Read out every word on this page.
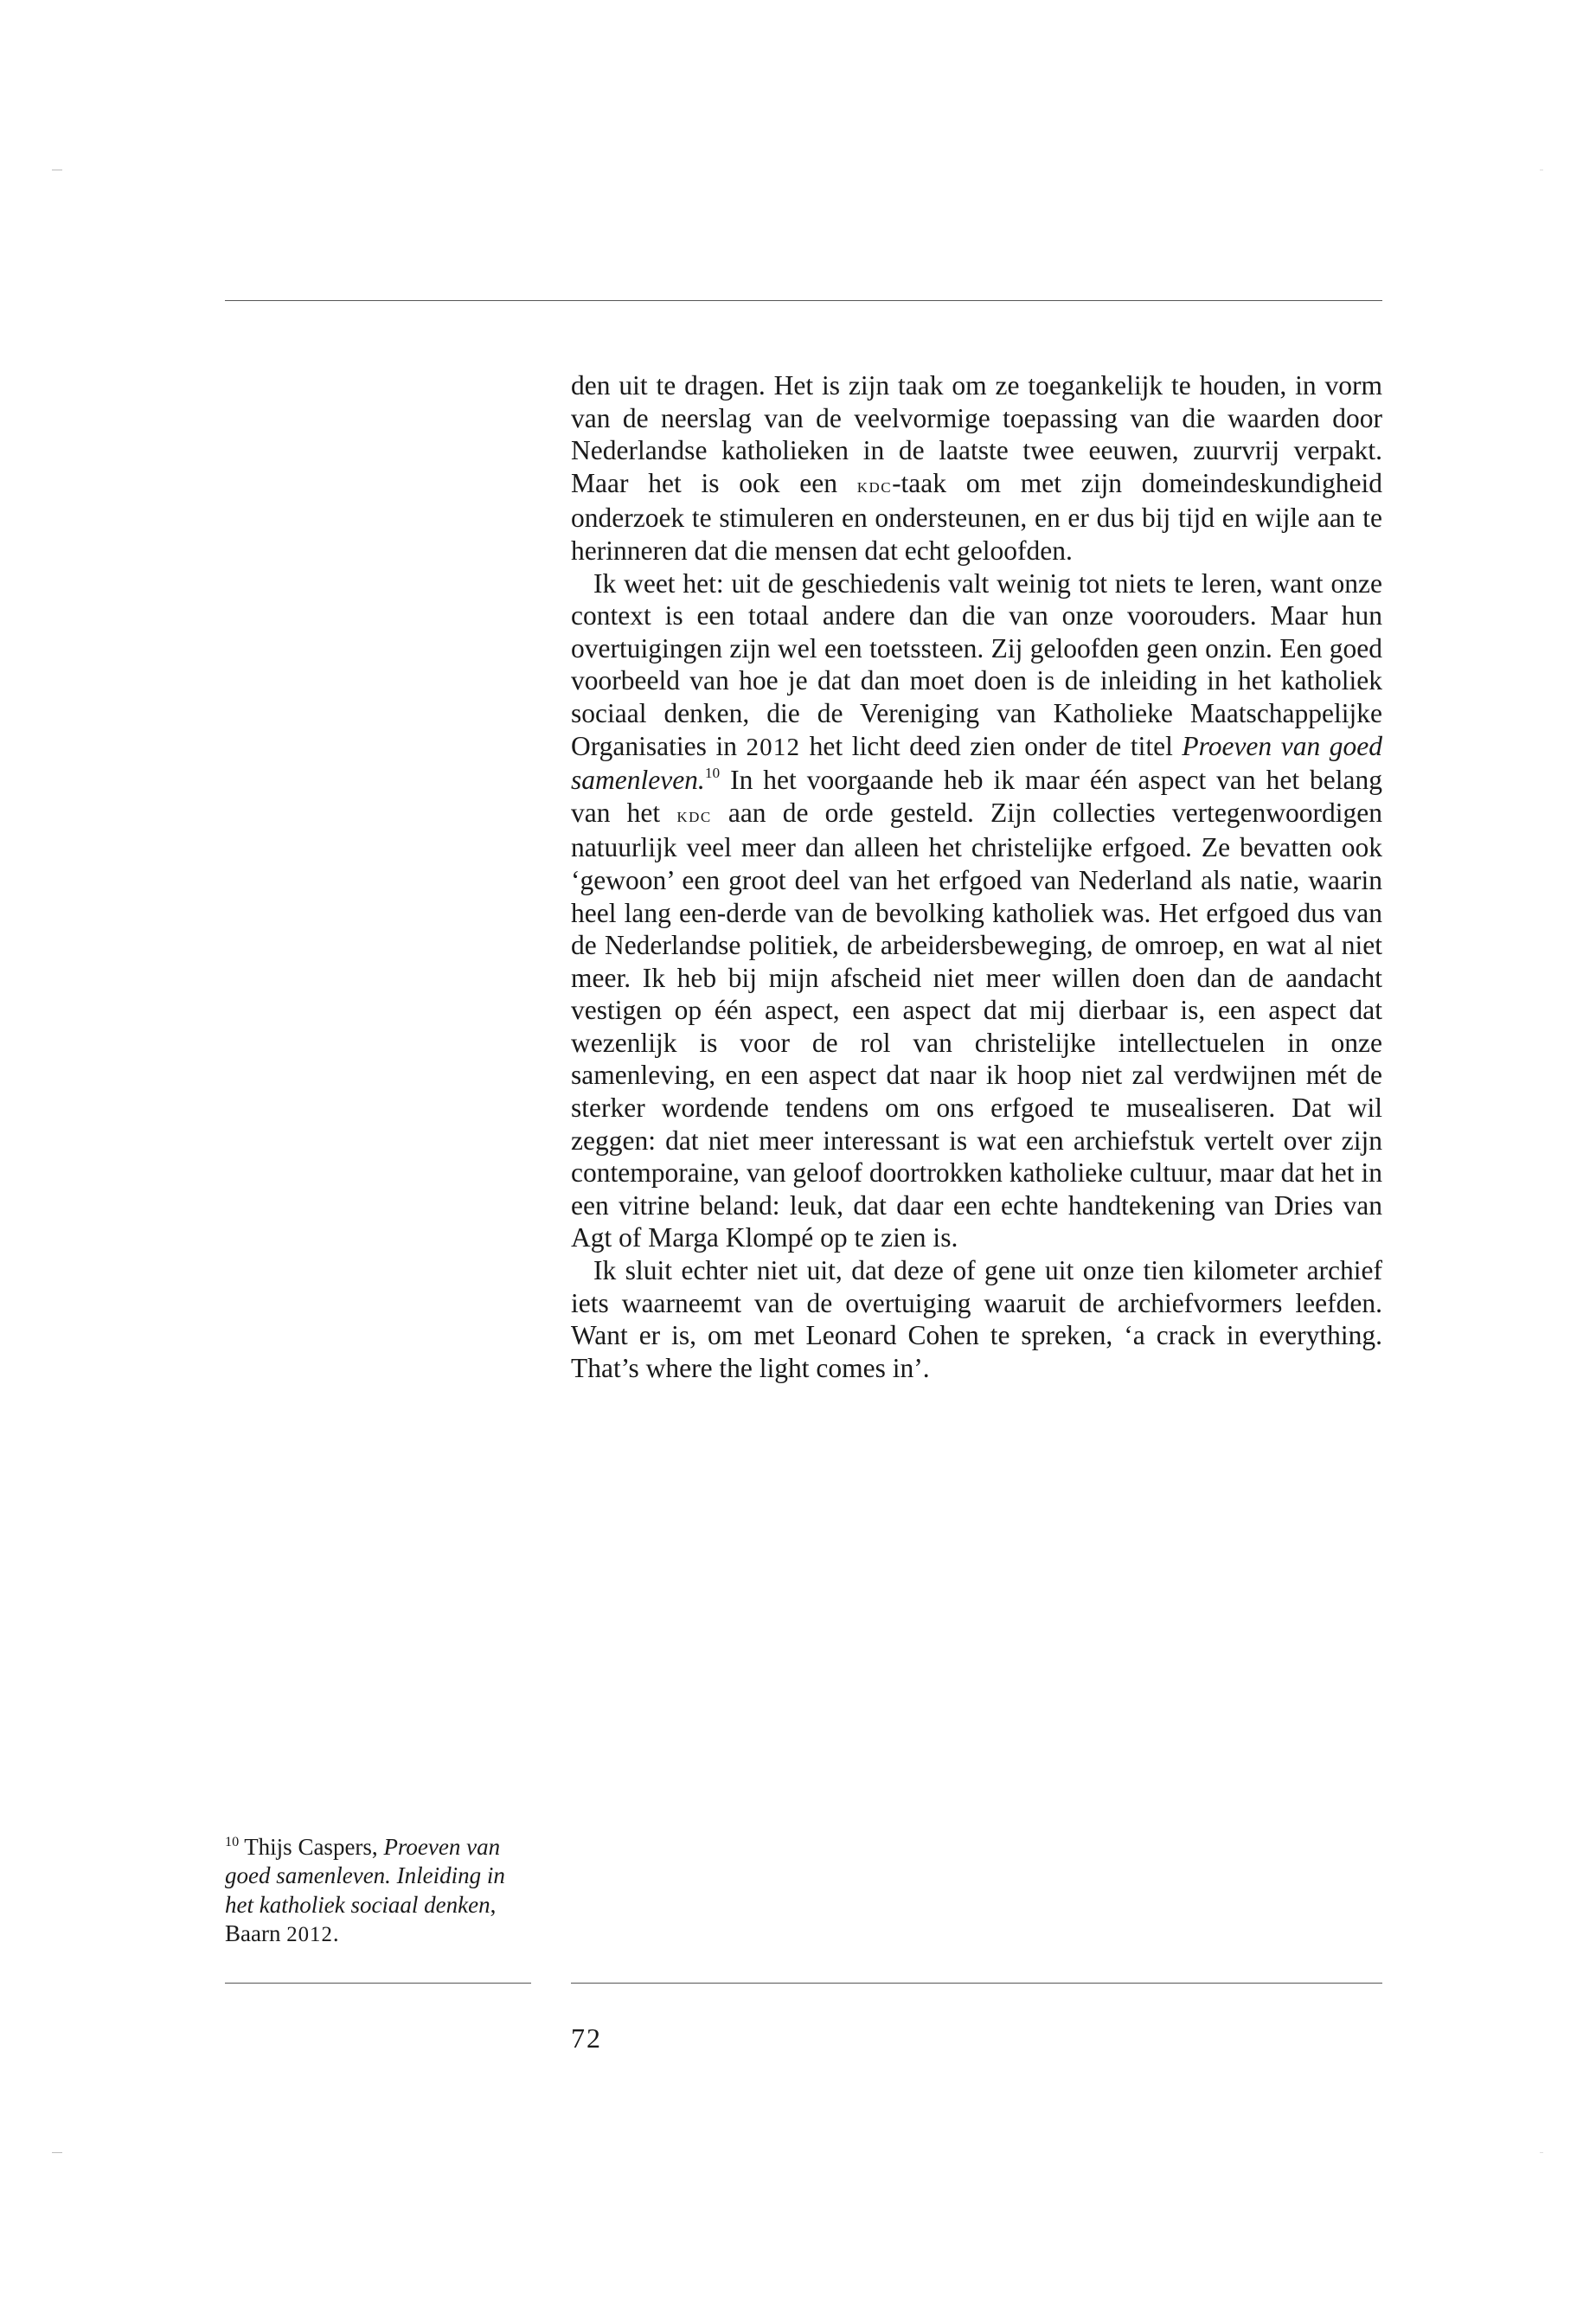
den uit te dragen. Het is zijn taak om ze toegankelijk te houden, in vorm van de neerslag van de veelvormige toepassing van die waarden door Nederlandse katholieken in de laatste twee eeuwen, zuurvrij verpakt. Maar het is ook een kdc-taak om met zijn domeindeskundigheid onderzoek te stimuleren en ondersteunen, en er dus bij tijd en wijle aan te herinneren dat die mensen dat echt geloofden.

Ik weet het: uit de geschiedenis valt weinig tot niets te leren, want onze context is een totaal andere dan die van onze voorouders. Maar hun overtuigingen zijn wel een toetssteen. Zij geloofden geen onzin. Een goed voorbeeld van hoe je dat dan moet doen is de inleiding in het katholiek sociaal denken, die de Vereniging van Katholieke Maatschappelijke Organisaties in 2012 het licht deed zien onder de titel Proeven van goed samenleven.$^{10}$ In het voorgaande heb ik maar één aspect van het belang van het kdc aan de orde gesteld. Zijn collecties vertegenwoordigen natuurlijk veel meer dan alleen het christelijke erfgoed. Ze bevatten ook ‘gewoon’ een groot deel van het erfgoed van Nederland als natie, waarin heel lang een-derde van de bevolking katholiek was. Het erfgoed dus van de Nederlandse politiek, de arbeidersbeweging, de omroep, en wat al niet meer. Ik heb bij mijn afscheid niet meer willen doen dan de aandacht vestigen op één aspect, een aspect dat mij dierbaar is, een aspect dat wezenlijk is voor de rol van christelijke intellectuelen in onze samenleving, en een aspect dat naar ik hoop niet zal verdwijnen mét de sterker wordende tendens om ons erfgoed te musealiseren. Dat wil zeggen: dat niet meer interessant is wat een archiefstuk vertelt over zijn contemporaine, van geloof doortrokken katholieke cultuur, maar dat het in een vitrine beland: leuk, dat daar een echte handtekening van Dries van Agt of Marga Klompé op te zien is.

Ik sluit echter niet uit, dat deze of gene uit onze tien kilometer archief iets waarneemt van de overtuiging waaruit de archiefvormers leefden. Want er is, om met Leonard Cohen te spreken, ‘a crack in everything. That’s where the light comes in’.

$^{10}$ Thijs Caspers, Proeven van goed samenleven. Inleiding in het katholiek sociaal denken, Baarn 2012.
72
